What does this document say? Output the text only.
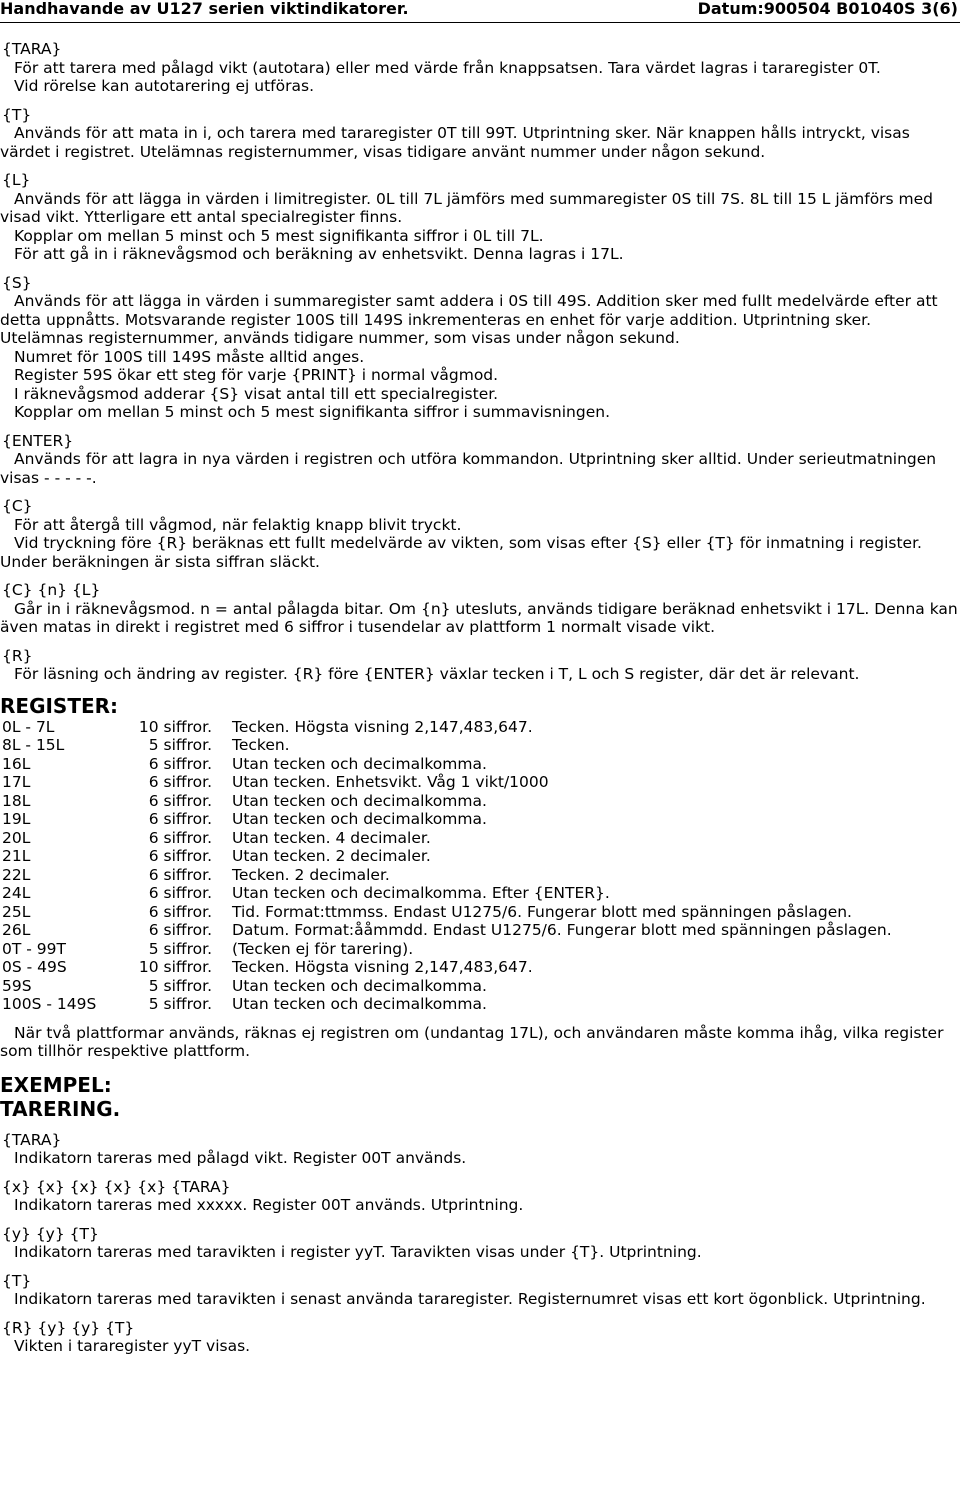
Handhavande av U127 serien viktindikatorer.	Datum:900504 B01040S 3(6)
{TARA}
För att tarera med pålagd vikt (autotara) eller med värde från knappsatsen. Tara värdet lagras i tararegister 0T.
Vid rörelse kan autotarering ej utföras.
{T}
Används för att mata in i, och tarera med tararegister 0T till 99T. Utprintning sker. När knappen hålls intryckt, visas värdet i registret. Utelämnas registernummer, visas tidigare använt nummer under någon sekund.
{L}
Används för att lägga in värden i limitregister. 0L till 7L jämförs med summaregister 0S till 7S. 8L till 15 L jämförs med visad vikt. Ytterligare ett antal specialregister finns.
Kopplar om mellan 5 minst och 5 mest signifikanta siffror i 0L till 7L.
För att gå in i räknevågsmod och beräkning av enhetsvikt. Denna lagras i 17L.
{S}
Används för att lägga in värden i summaregister samt addera i 0S till 49S. Addition sker med fullt medelvärde efter att detta uppnåtts. Motsvarande register 100S till 149S inkrementeras en enhet för varje addition. Utprintning sker. Utelämnas registernummer, används tidigare nummer, som visas under någon sekund.
Numret för 100S till 149S måste alltid anges.
Register 59S ökar ett steg för varje {PRINT} i normal vågmod.
I räknevågsmod adderar {S} visat antal till ett specialregister.
Kopplar om mellan 5 minst och 5 mest signifikanta siffror i summavisningen.
{ENTER}
Används för att lagra in nya värden i registren och utföra kommandon. Utprintning sker alltid. Under serieutmatningen visas - - - - -.
{C}
För att återgå till vågmod, när felaktig knapp blivit tryckt.
Vid tryckning före {R} beräknas ett fullt medelvärde av vikten, som visas efter {S} eller {T} för inmatning i register. Under beräkningen är sista siffran släckt.
{C} {n} {L}
Går in i räknevågsmod. n = antal pålagda bitar. Om {n} utesluts, används tidigare beräknad enhetsvikt i 17L. Denna kan även matas in direkt i registret med 6 siffror i tusendelar av plattform 1 normalt visade vikt.
{R}
För läsning och ändring av register. {R} före {ENTER} växlar tecken i T, L och S register, där det är relevant.
REGISTER:
0L - 7L	10 siffror.	Tecken. Högsta visning 2,147,483,647.
8L - 15L	5 siffror.	Tecken.
16L	6 siffror.	Utan tecken och decimalkomma.
17L	6 siffror.	Utan tecken. Enhetsvikt. Våg 1 vikt/1000
18L	6 siffror.	Utan tecken och decimalkomma.
19L	6 siffror.	Utan tecken och decimalkomma.
20L	6 siffror.	Utan tecken. 4 decimaler.
21L	6 siffror.	Utan tecken. 2 decimaler.
22L	6 siffror.	Tecken. 2 decimaler.
24L	6 siffror.	Utan tecken och decimalkomma. Efter {ENTER}.
25L	6 siffror.	Tid. Format:ttmmss. Endast U1275/6. Fungerar blott med spänningen påslagen.
26L	6 siffror.	Datum. Format:ååmmdd. Endast U1275/6. Fungerar blott med spänningen påslagen.
0T - 99T	5 siffror.	(Tecken ej för tarering).
0S - 49S	10 siffror.	Tecken. Högsta visning 2,147,483,647.
59S	5 siffror.	Utan tecken och decimalkomma.
100S - 149S	5 siffror.	Utan tecken och decimalkomma.
När två plattformar används, räknas ej registren om (undantag 17L), och användaren måste komma ihåg, vilka register som tillhör respektive plattform.
EXEMPEL:
TARERING.
{TARA}
Indikatorn tareras med pålagd vikt. Register 00T används.
{x} {x} {x} {x} {x} {TARA}
Indikatorn tareras med xxxxx. Register 00T används. Utprintning.
{y} {y} {T}
Indikatorn tareras med taravikten i register yyT. Taravikten visas under {T}. Utprintning.
{T}
Indikatorn tareras med taravikten i senast använda tararegister. Registernumret visas ett kort ögonblick. Utprintning.
{R} {y} {y} {T}
Vikten i tararegister yyT visas.
